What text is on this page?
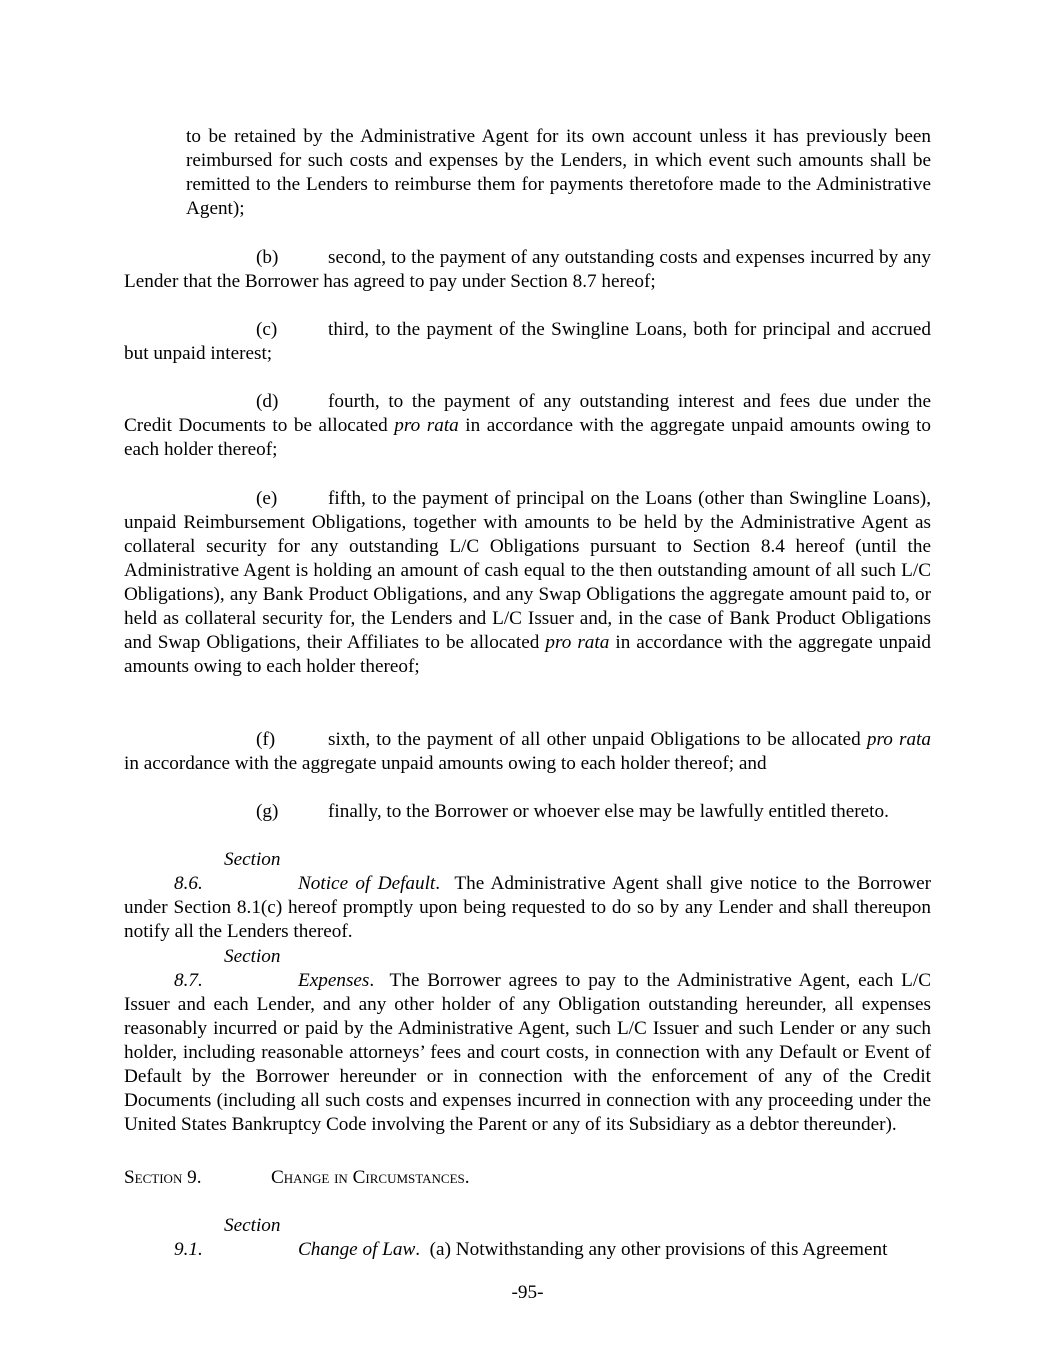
to be retained by the Administrative Agent for its own account unless it has previously been reimbursed for such costs and expenses by the Lenders, in which event such amounts shall be remitted to the Lenders to reimburse them for payments theretofore made to the Administrative Agent);

(b)	second, to the payment of any outstanding costs and expenses incurred by any Lender that the Borrower has agreed to pay under Section 8.7 hereof;

(c)	third, to the payment of the Swingline Loans, both for principal and accrued but unpaid interest;

(d)	fourth, to the payment of any outstanding interest and fees due under the Credit Documents to be allocated pro rata in accordance with the aggregate unpaid amounts owing to each holder thereof;

(e)	fifth, to the payment of principal on the Loans (other than Swingline Loans), unpaid Reimbursement Obligations, together with amounts to be held by the Administrative Agent as collateral security for any outstanding L/C Obligations pursuant to Section 8.4 hereof (until the Administrative Agent is holding an amount of cash equal to the then outstanding amount of all such L/C Obligations), any Bank Product Obligations, and any Swap Obligations the aggregate amount paid to, or held as collateral security for, the Lenders and L/C Issuer and, in the case of Bank Product Obligations and Swap Obligations, their Affiliates to be allocated pro rata in accordance with the aggregate unpaid amounts owing to each holder thereof;

(f)	sixth, to the payment of all other unpaid Obligations to be allocated pro rata in accordance with the aggregate unpaid amounts owing to each holder thereof; and

(g)	finally, to the Borrower or whoever else may be lawfully entitled thereto.

Section 8.6.	Notice of Default.  The Administrative Agent shall give notice to the Borrower under Section 8.1(c) hereof promptly upon being requested to do so by any Lender and shall thereupon notify all the Lenders thereof.

Section 8.7.	Expenses.  The Borrower agrees to pay to the Administrative Agent, each L/C Issuer and each Lender, and any other holder of any Obligation outstanding hereunder, all expenses reasonably incurred or paid by the Administrative Agent, such L/C Issuer and such Lender or any such holder, including reasonable attorneys’ fees and court costs, in connection with any Default or Event of Default by the Borrower hereunder or in connection with the enforcement of any of the Credit Documents (including all such costs and expenses incurred in connection with any proceeding under the United States Bankruptcy Code involving the Parent or any of its Subsidiary as a debtor thereunder).

Section 9.	Change in Circumstances.

Section 9.1.	Change of Law.  (a) Notwithstanding any other provisions of this Agreement

-95-
